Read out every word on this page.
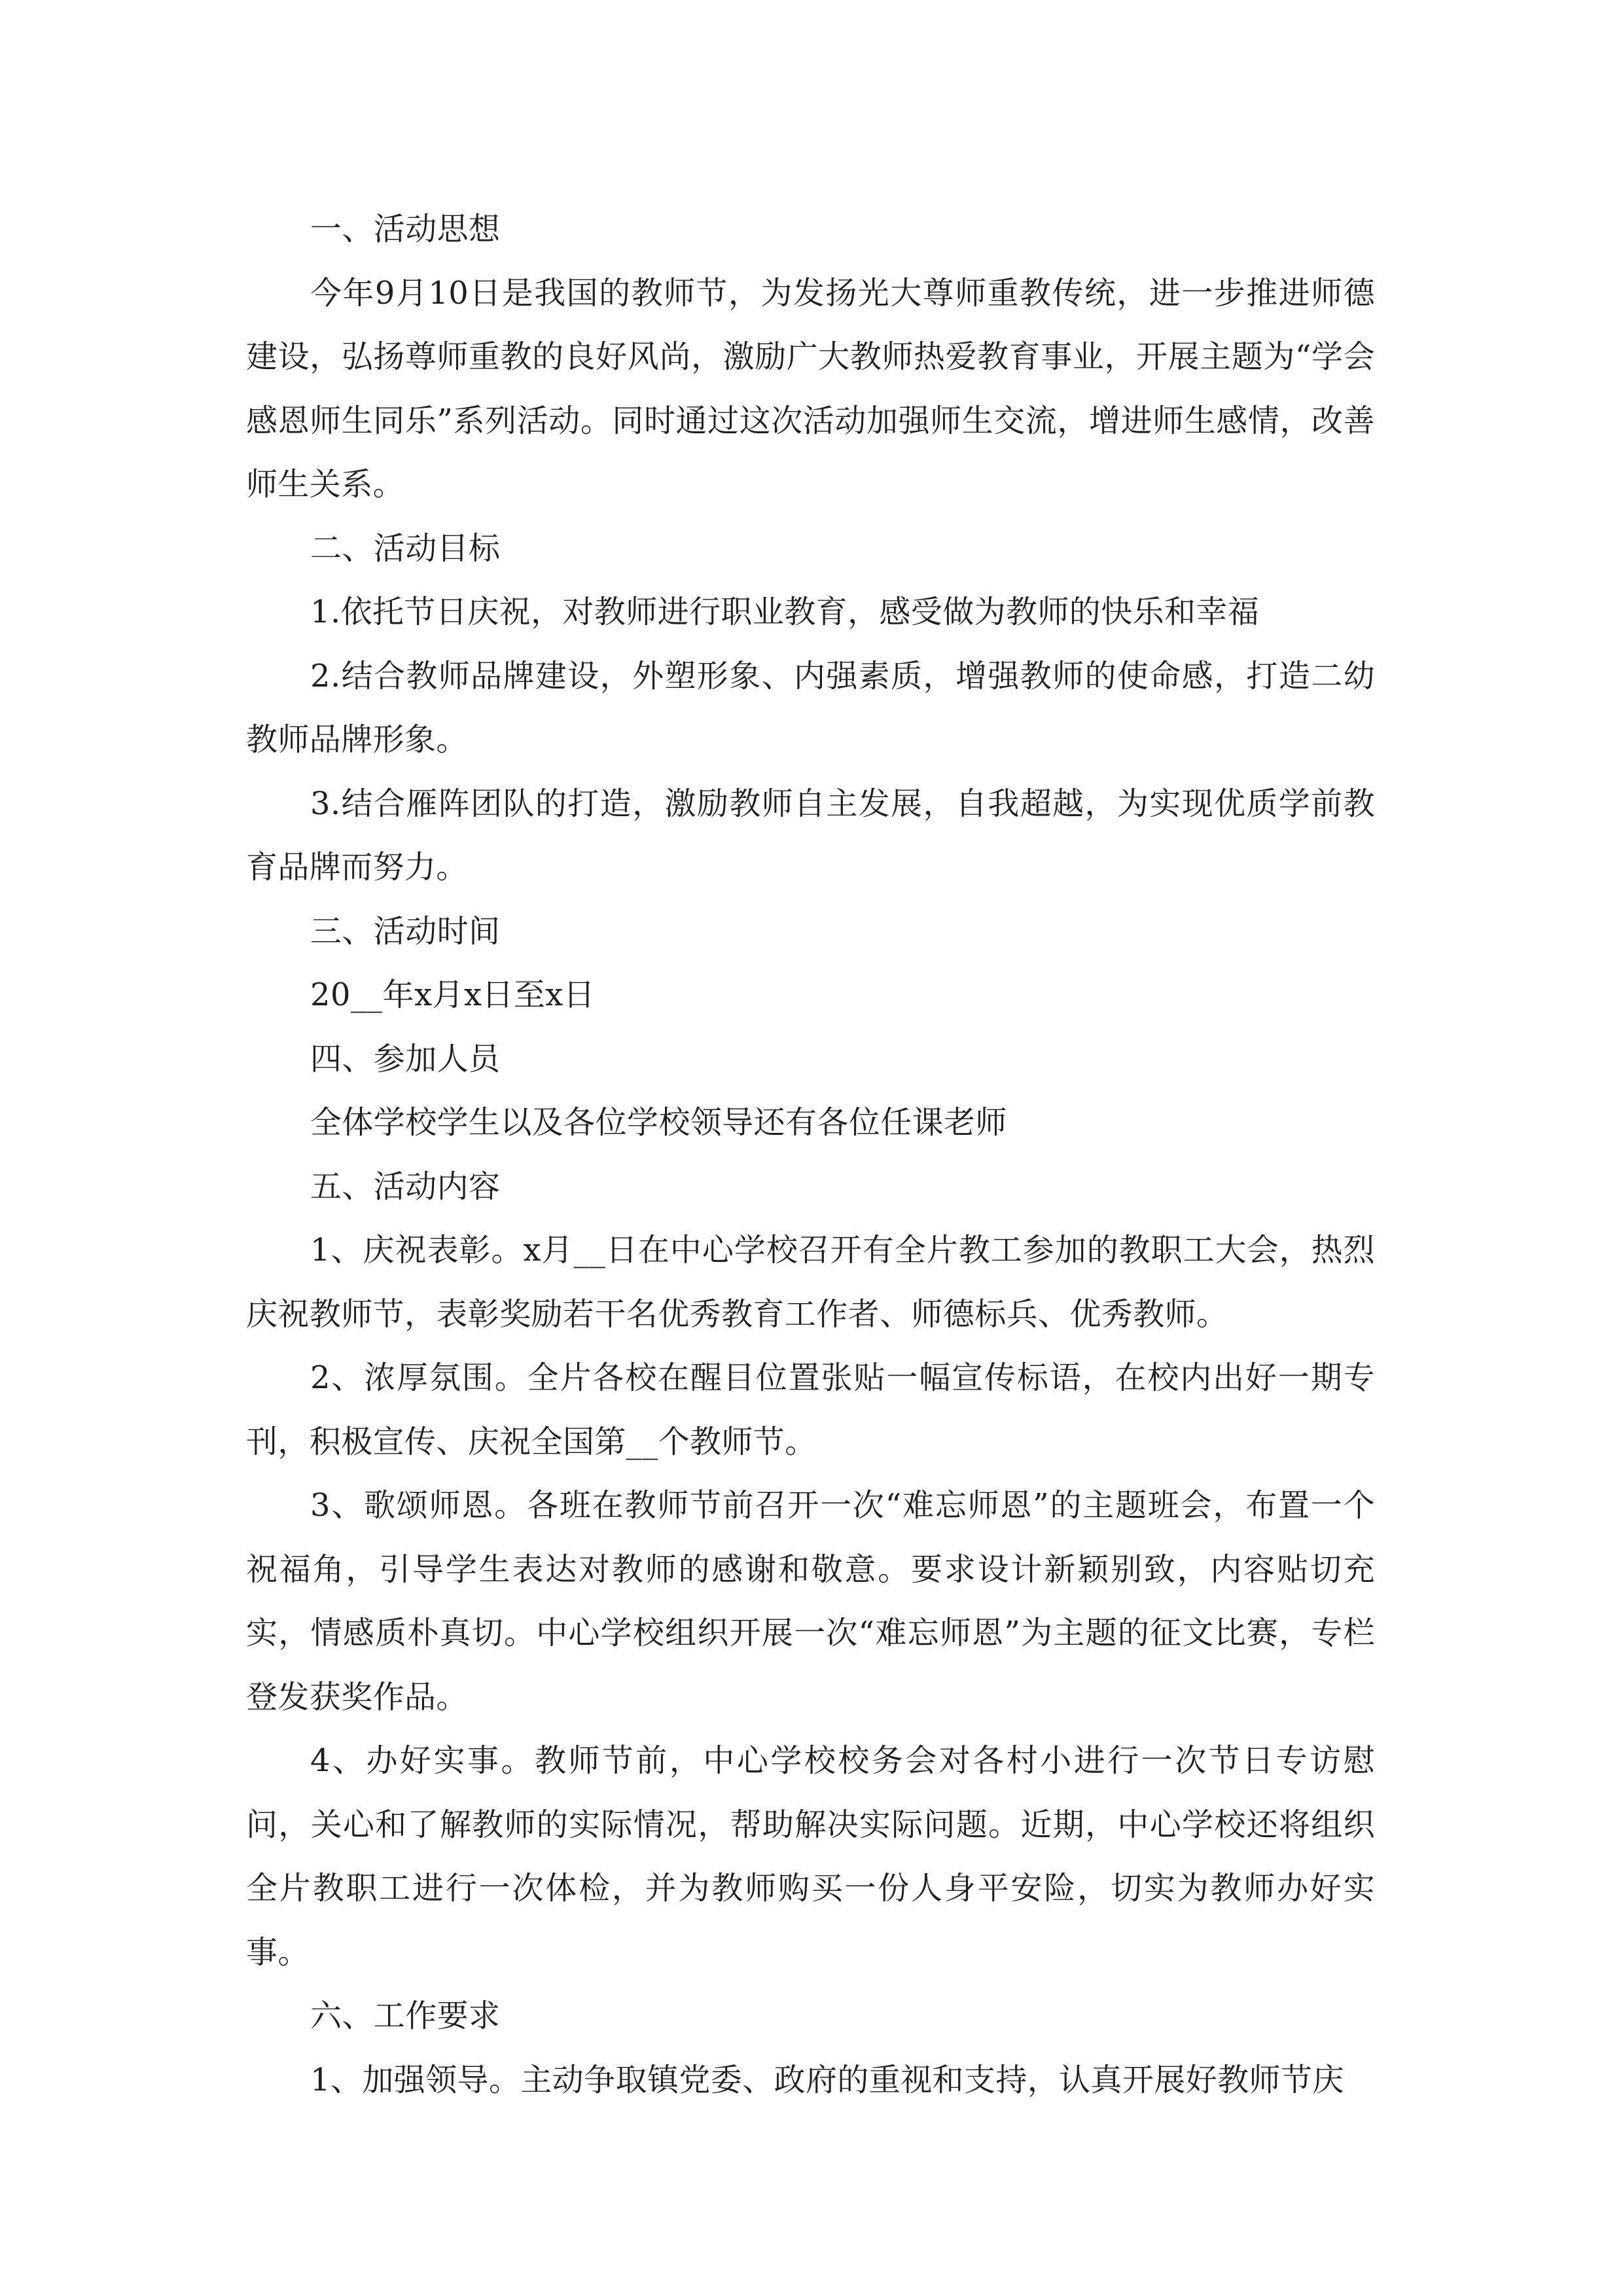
一、活动思想

今年9月10日是我国的教师节，为发扬光大尊师重教传统，进一步推进师德建设，弘扬尊师重教的良好风尚，激励广大教师热爱教育事业，开展主题为“学会感恩师生同乐”系列活动。同时通过这次活动加强师生交流，增进师生感情，改善师生关系。

二、活动目标

1.依托节日庆祝，对教师进行职业教育，感受做为教师的快乐和幸福

2.结合教师品牌建设，外塑形象、内强素质，增强教师的使命感，打造二幼教师品牌形象。

3.结合雁阵团队的打造，激励教师自主发展，自我超越，为实现优质学前教育品牌而努力。

三、活动时间

20__年x月x日至x日

四、参加人员

全体学校学生以及各位学校领导还有各位任课老师

五、活动内容

1、庆祝表彰。x月__日在中心学校召开有全片教工参加的教职工大会，热烈庆祝教师节，表彰奖励若干名优秀教育工作者、师德标兵、优秀教师。

2、浓厚氛围。全片各校在醒目位置张贴一幅宣传标语，在校内出好一期专刊，积极宣传、庆祝全国第__个教师节。

3、歌颂师恩。各班在教师节前召开一次“难忘师恩”的主题班会，布置一个祝福角，引导学生表达对教师的感谢和敬意。要求设计新颖别致，内容贴切充实，情感质朴真切。中心学校组织开展一次“难忘师恩”为主题的征文比赛，专栏登发获奖作品。

4、办好实事。教师节前，中心学校校务会对各村小进行一次节日专访慰问，关心和了解教师的实际情况，帮助解决实际问题。近期，中心学校还将组织全片教职工进行一次体检，并为教师购买一份人身平安险，切实为教师办好实事。

六、工作要求

1、加强领导。主动争取镇党委、政府的重视和支持，认真开展好教师节庆
